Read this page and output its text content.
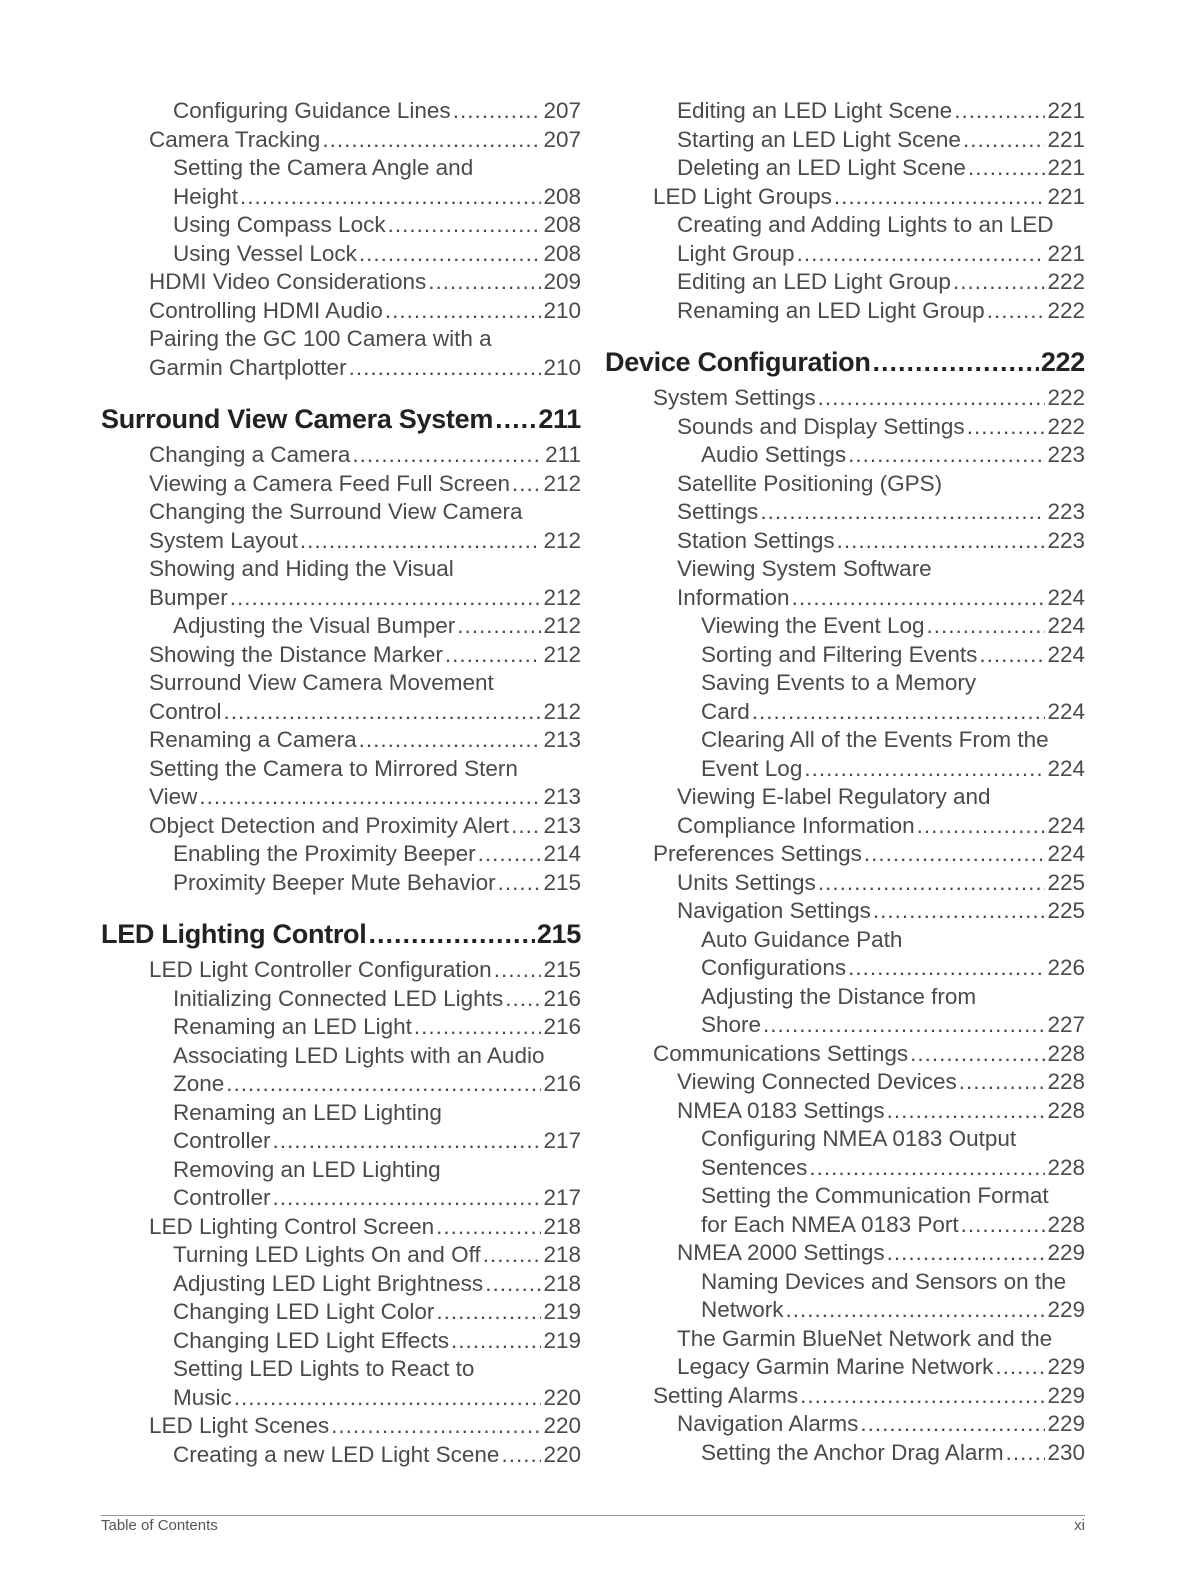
Configuring Guidance Lines .....	207
Camera Tracking .....	207
Setting the Camera Angle and
Height .....	208
Using Compass Lock .....	208
Using Vessel Lock .....	208
HDMI Video Considerations .....	209
Controlling HDMI Audio .....	210
Pairing the GC 100 Camera with a
Garmin Chartplotter .....	210
Surround View Camera System ..... 211
Changing a Camera .....	211
Viewing a Camera Feed Full Screen ..... 212
Changing the Surround View Camera
System Layout .....	212
Showing and Hiding the Visual
Bumper .....	212
Adjusting the Visual Bumper .....	212
Showing the Distance Marker .....	212
Surround View Camera Movement
Control .....	212
Renaming a Camera .....	213
Setting the Camera to Mirrored Stern
View .....	213
Object Detection and Proximity Alert ..... 213
Enabling the Proximity Beeper .....	214
Proximity Beeper Mute Behavior ..... 215
LED Lighting Control .....	215
LED Light Controller Configuration ..... 215
Initializing Connected LED Lights ..... 216
Renaming an LED Light .....	216
Associating LED Lights with an Audio
Zone .....	216
Renaming an LED Lighting
Controller .....	217
Removing an LED Lighting
Controller .....	217
LED Lighting Control Screen .....	218
Turning LED Lights On and Off .....	218
Adjusting LED Light Brightness .....	218
Changing LED Light Color .....	219
Changing LED Light Effects .....	219
Setting LED Lights to React to
Music .....	220
LED Light Scenes .....	220
Creating a new LED Light Scene ..... 220
Editing an LED Light Scene .....	221
Starting an LED Light Scene .....	221
Deleting an LED Light Scene .....	221
LED Light Groups .....	221
Creating and Adding Lights to an LED
Light Group .....	221
Editing an LED Light Group .....	222
Renaming an LED Light Group .....	222
Device Configuration .....	222
System Settings .....	222
Sounds and Display Settings .....	222
Audio Settings .....	223
Satellite Positioning (GPS)
Settings .....	223
Station Settings .....	223
Viewing System Software
Information .....	224
Viewing the Event Log .....	224
Sorting and Filtering Events .....	224
Saving Events to a Memory
Card .....	224
Clearing All of the Events From the
Event Log .....	224
Viewing E-label Regulatory and
Compliance Information .....	224
Preferences Settings .....	224
Units Settings .....	225
Navigation Settings .....	225
Auto Guidance Path
Configurations .....	226
Adjusting the Distance from
Shore .....	227
Communications Settings .....	228
Viewing Connected Devices .....	228
NMEA 0183 Settings .....	228
Configuring NMEA 0183 Output
Sentences .....	228
Setting the Communication Format
for Each NMEA 0183 Port .....	228
NMEA 2000 Settings .....	229
Naming Devices and Sensors on the
Network .....	229
The Garmin BlueNet Network and the
Legacy Garmin Marine Network ..... 229
Setting Alarms .....	229
Navigation Alarms .....	229
Setting the Anchor Drag Alarm ..... 230
Table of Contents	xi
